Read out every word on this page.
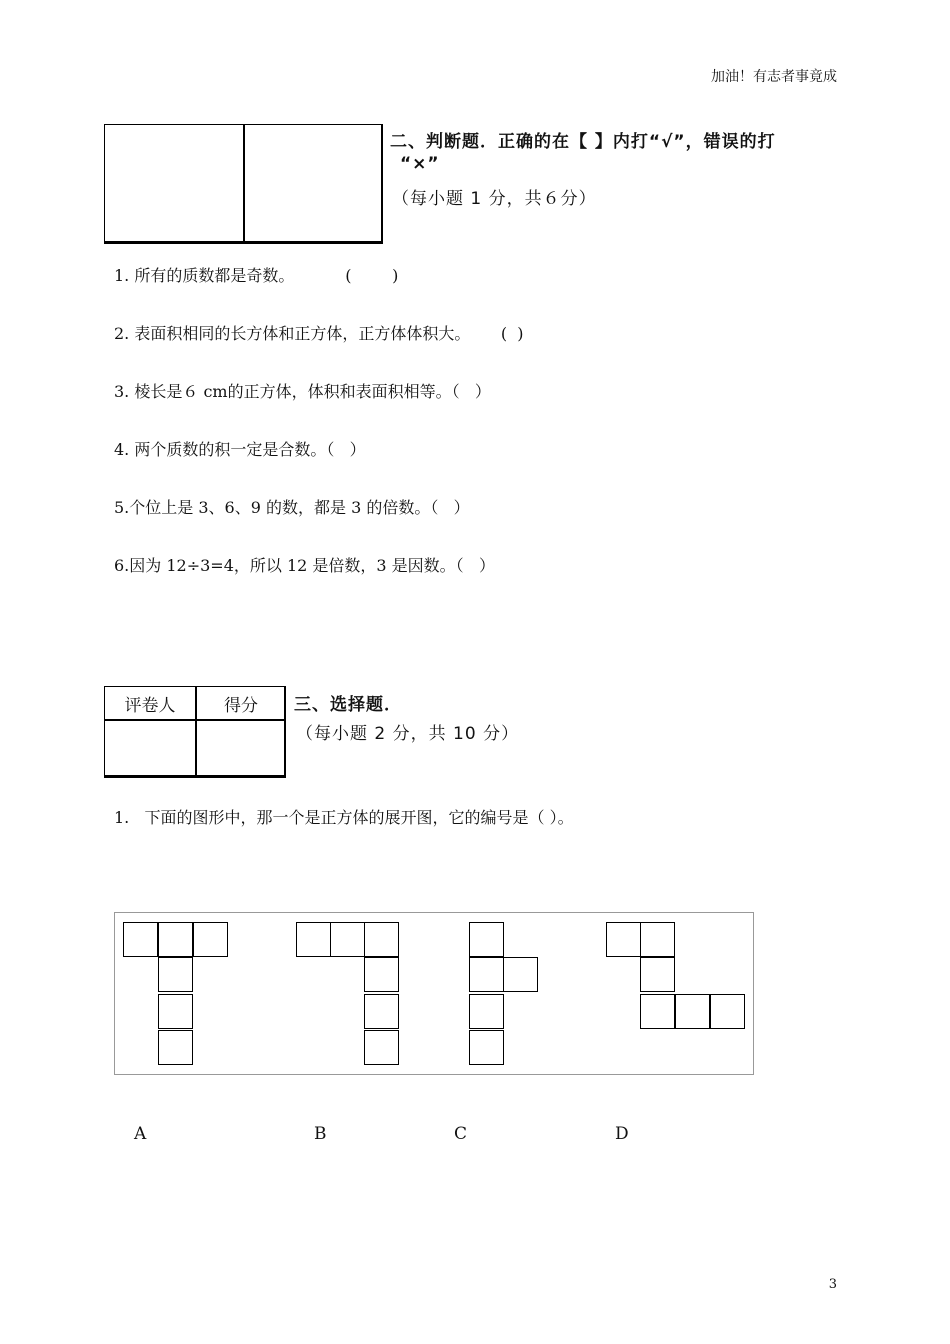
加油！有志者事竟成
二、判断题．正确的在【 】内打“√”，错误的打
“×”
（每小题 1 分，共６分）
1. 所有的质数都是奇数。          (        )
2. 表面积相同的长方体和正方体，正方体体积大。      (  )
3. 棱长是６ cm的正方体，体积和表面积相等。（   ）
4. 两个质数的积一定是合数。（   ）
5.个位上是 3、6、9 的数，都是 3 的倍数。（   ）
6.因为 12÷3=4，所以 12 是倍数，3 是因数。（   ）
评卷人	得分	三、选择题．
（每小题 2 分，共 10 分）
1.   下面的图形中，那一个是正方体的展开图，它的编号是（ ）。
A	B	C	D
3
